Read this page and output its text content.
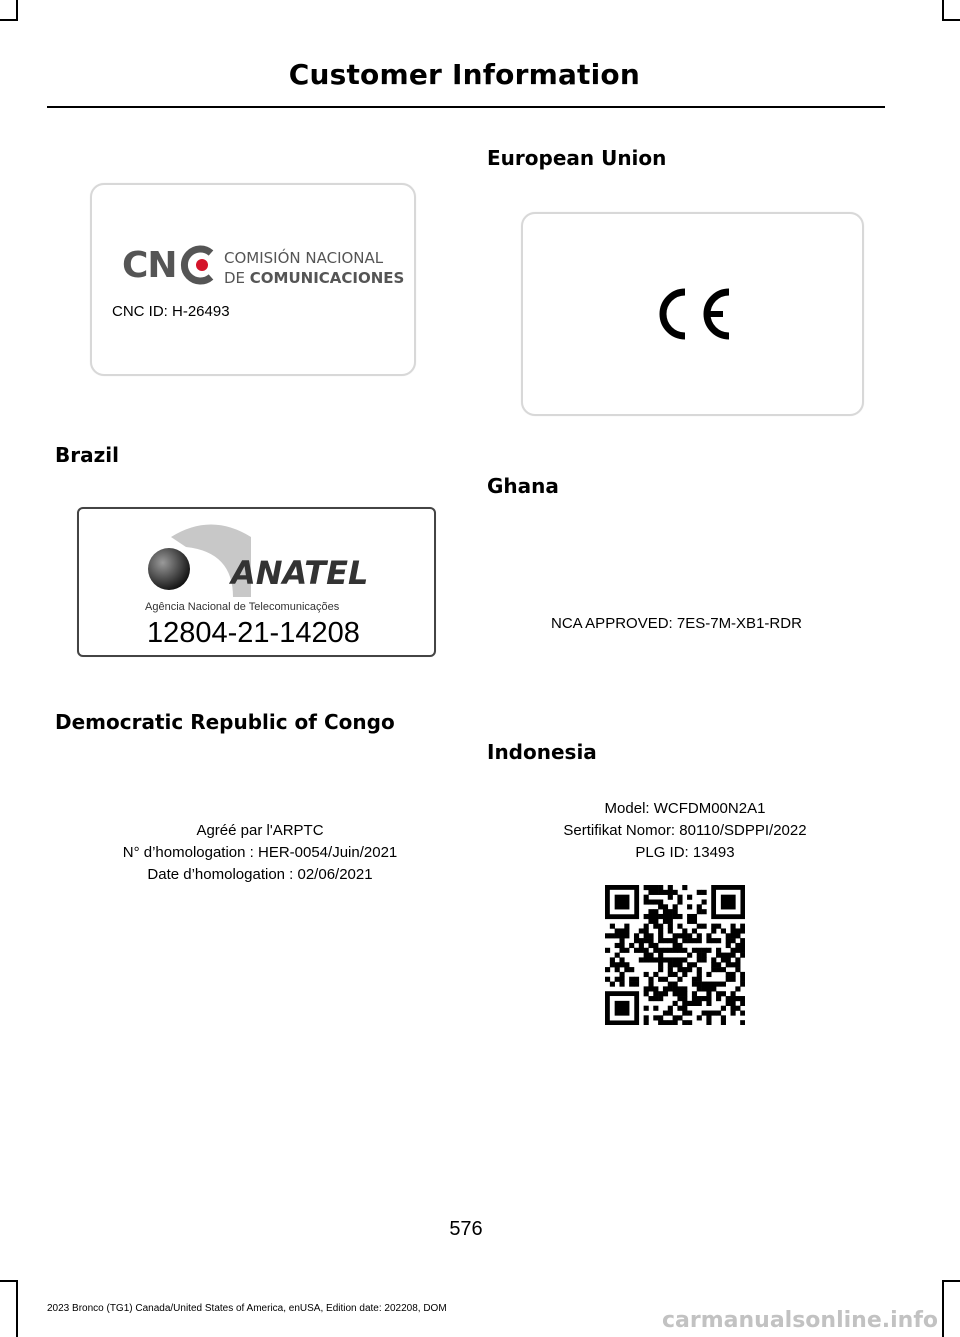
Customer Information
CN	COMISIÓN NACIONAL
DE COMUNICACIONES
CNC ID: H-26493
European Union
Brazil
ANATEL
Agência Nacional de Telecomunicações
12804-21-14208
Ghana
NCA APPROVED: 7ES-7M-XB1-RDR
Democratic Republic of Congo
Agréé par l'ARPTC
N° d’homologation : HER-0054/Juin/2021
Date d’homologation : 02/06/2021
Indonesia
Model: WCFDM00N2A1
Sertifikat Nomor: 80110/SDPPI/2022
PLG ID: 13493
576
2023 Bronco (TG1) Canada/United States of America, enUSA, Edition date: 202208, DOM	carmanualsonline.info
